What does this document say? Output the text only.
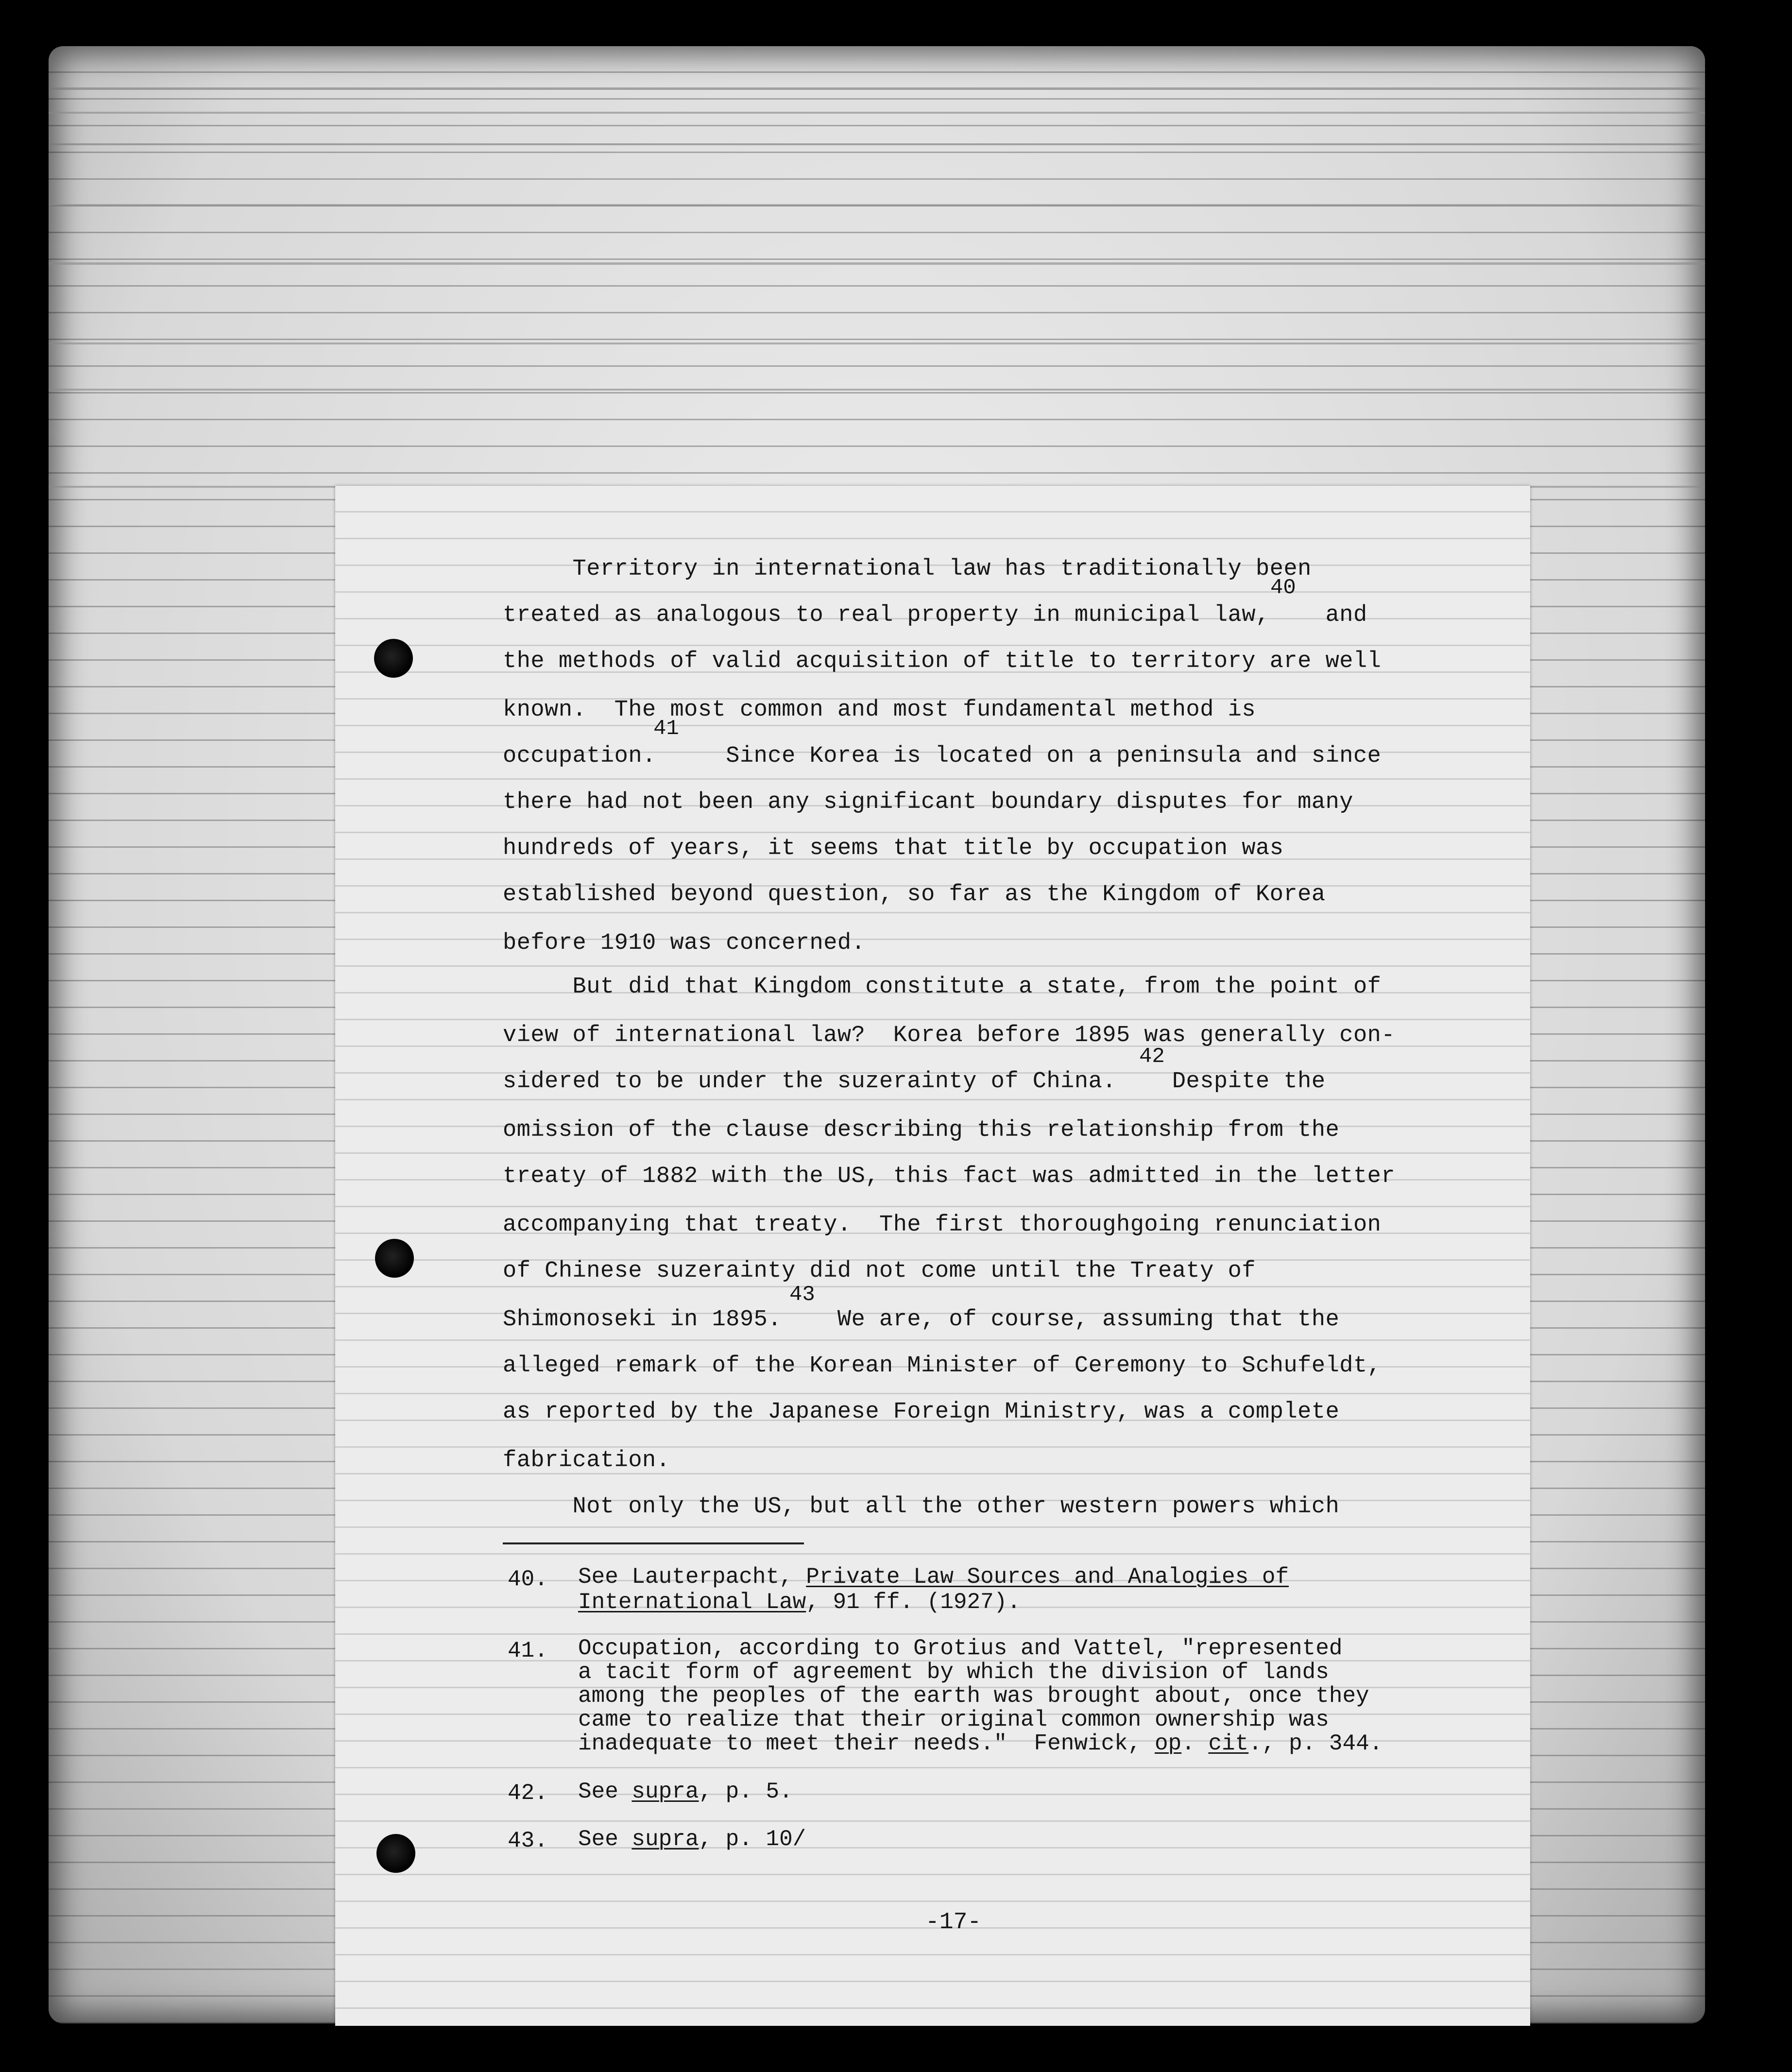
Territory in international law has traditionally been
treated as analogous to real property in municipal law,    and
the methods of valid acquisition of title to territory are well
known.  The most common and most fundamental method is
occupation.     Since Korea is located on a peninsula and since
there had not been any significant boundary disputes for many
hundreds of years, it seems that title by occupation was
established beyond question, so far as the Kingdom of Korea
before 1910 was concerned.
But did that Kingdom constitute a state, from the point of
view of international law?  Korea before 1895 was generally con-
sidered to be under the suzerainty of China.    Despite the
omission of the clause describing this relationship from the
treaty of 1882 with the US, this fact was admitted in the letter
accompanying that treaty.  The first thoroughgoing renunciation
of Chinese suzerainty did not come until the Treaty of
Shimonoseki in 1895.    We are, of course, assuming that the
alleged remark of the Korean Minister of Ceremony to Schufeldt,
as reported by the Japanese Foreign Ministry, was a complete
fabrication.
Not only the US, but all the other western powers which
40
41
42
43
40. See Lauterpacht, Private Law Sources and Analogies of
International Law, 91 ff. (1927).
41. Occupation, according to Grotius and Vattel, "represented
a tacit form of agreement by which the division of lands
among the peoples of the earth was brought about, once they
came to realize that their original common ownership was
inadequate to meet their needs."  Fenwick, op. cit., p. 344.
42. See supra, p. 5.
43. See supra, p. 10/
-17-
